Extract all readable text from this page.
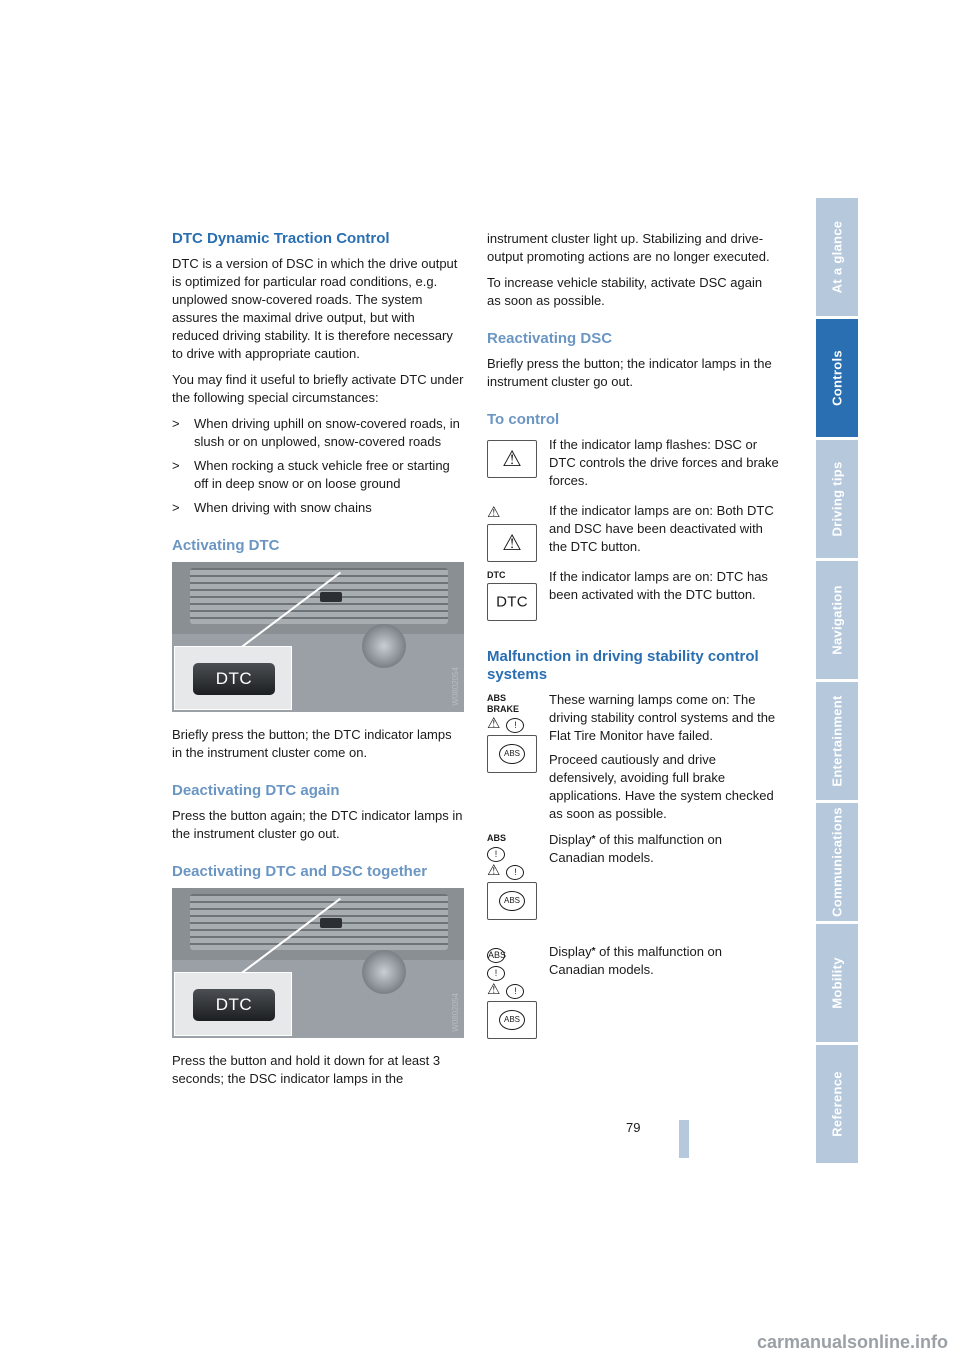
At a glance
Controls
Driving tips
Navigation
Entertainment
Communications
Mobility
Reference
DTC Dynamic Traction Control

DTC is a version of DSC in which the drive output is optimized for particular road conditions, e.g. unplowed snow-covered roads. The system assures the maximal drive output, but with reduced driving stability. It is therefore necessary to drive with appropriate caution.

You may find it useful to briefly activate DTC under the following special circumstances:

> When driving uphill on snow-covered roads, in slush or on unplowed, snow-covered roads
> When rocking a stuck vehicle free or starting off in deep snow or on loose ground
> When driving with snow chains
Activating DTC
DTC	W0802054

Briefly press the button; the DTC indicator lamps in the instrument cluster come on.

Deactivating DTC again

Press the button again; the DTC indicator lamps in the instrument cluster go out.

Deactivating DTC and DSC together
DTC	W0802054

Press the button and hold it down for at least 3 seconds; the DSC indicator lamps in the

instrument cluster light up. Stabilizing and drive-output promoting actions are no longer executed.

To increase vehicle stability, activate DSC again as soon as possible.

Reactivating DSC

Briefly press the button; the indicator lamps in the instrument cluster go out.

To control
⚠

If the indicator lamp flashes: DSC or DTC controls the drive forces and brake forces.

⚠
⚠

If the indicator lamps are on: Both DTC and DSC have been deactivated with the DTC button.

DTC
DTC

If the indicator lamps are on: DTC has been activated with the DTC button.

Malfunction in driving stability control systems
ABS
BRAKE
⚠ !
ABS

These warning lamps come on: The driving stability control systems and the Flat Tire Monitor have failed.

Proceed cautiously and drive defensively, avoiding full brake applications. Have the system checked as soon as possible.

ABS
!
⚠ !
ABS

Display* of this malfunction on Canadian models.

ABS
!
⚠ !
ABS

Display* of this malfunction on Canadian models.

79
carmanualsonline.info
